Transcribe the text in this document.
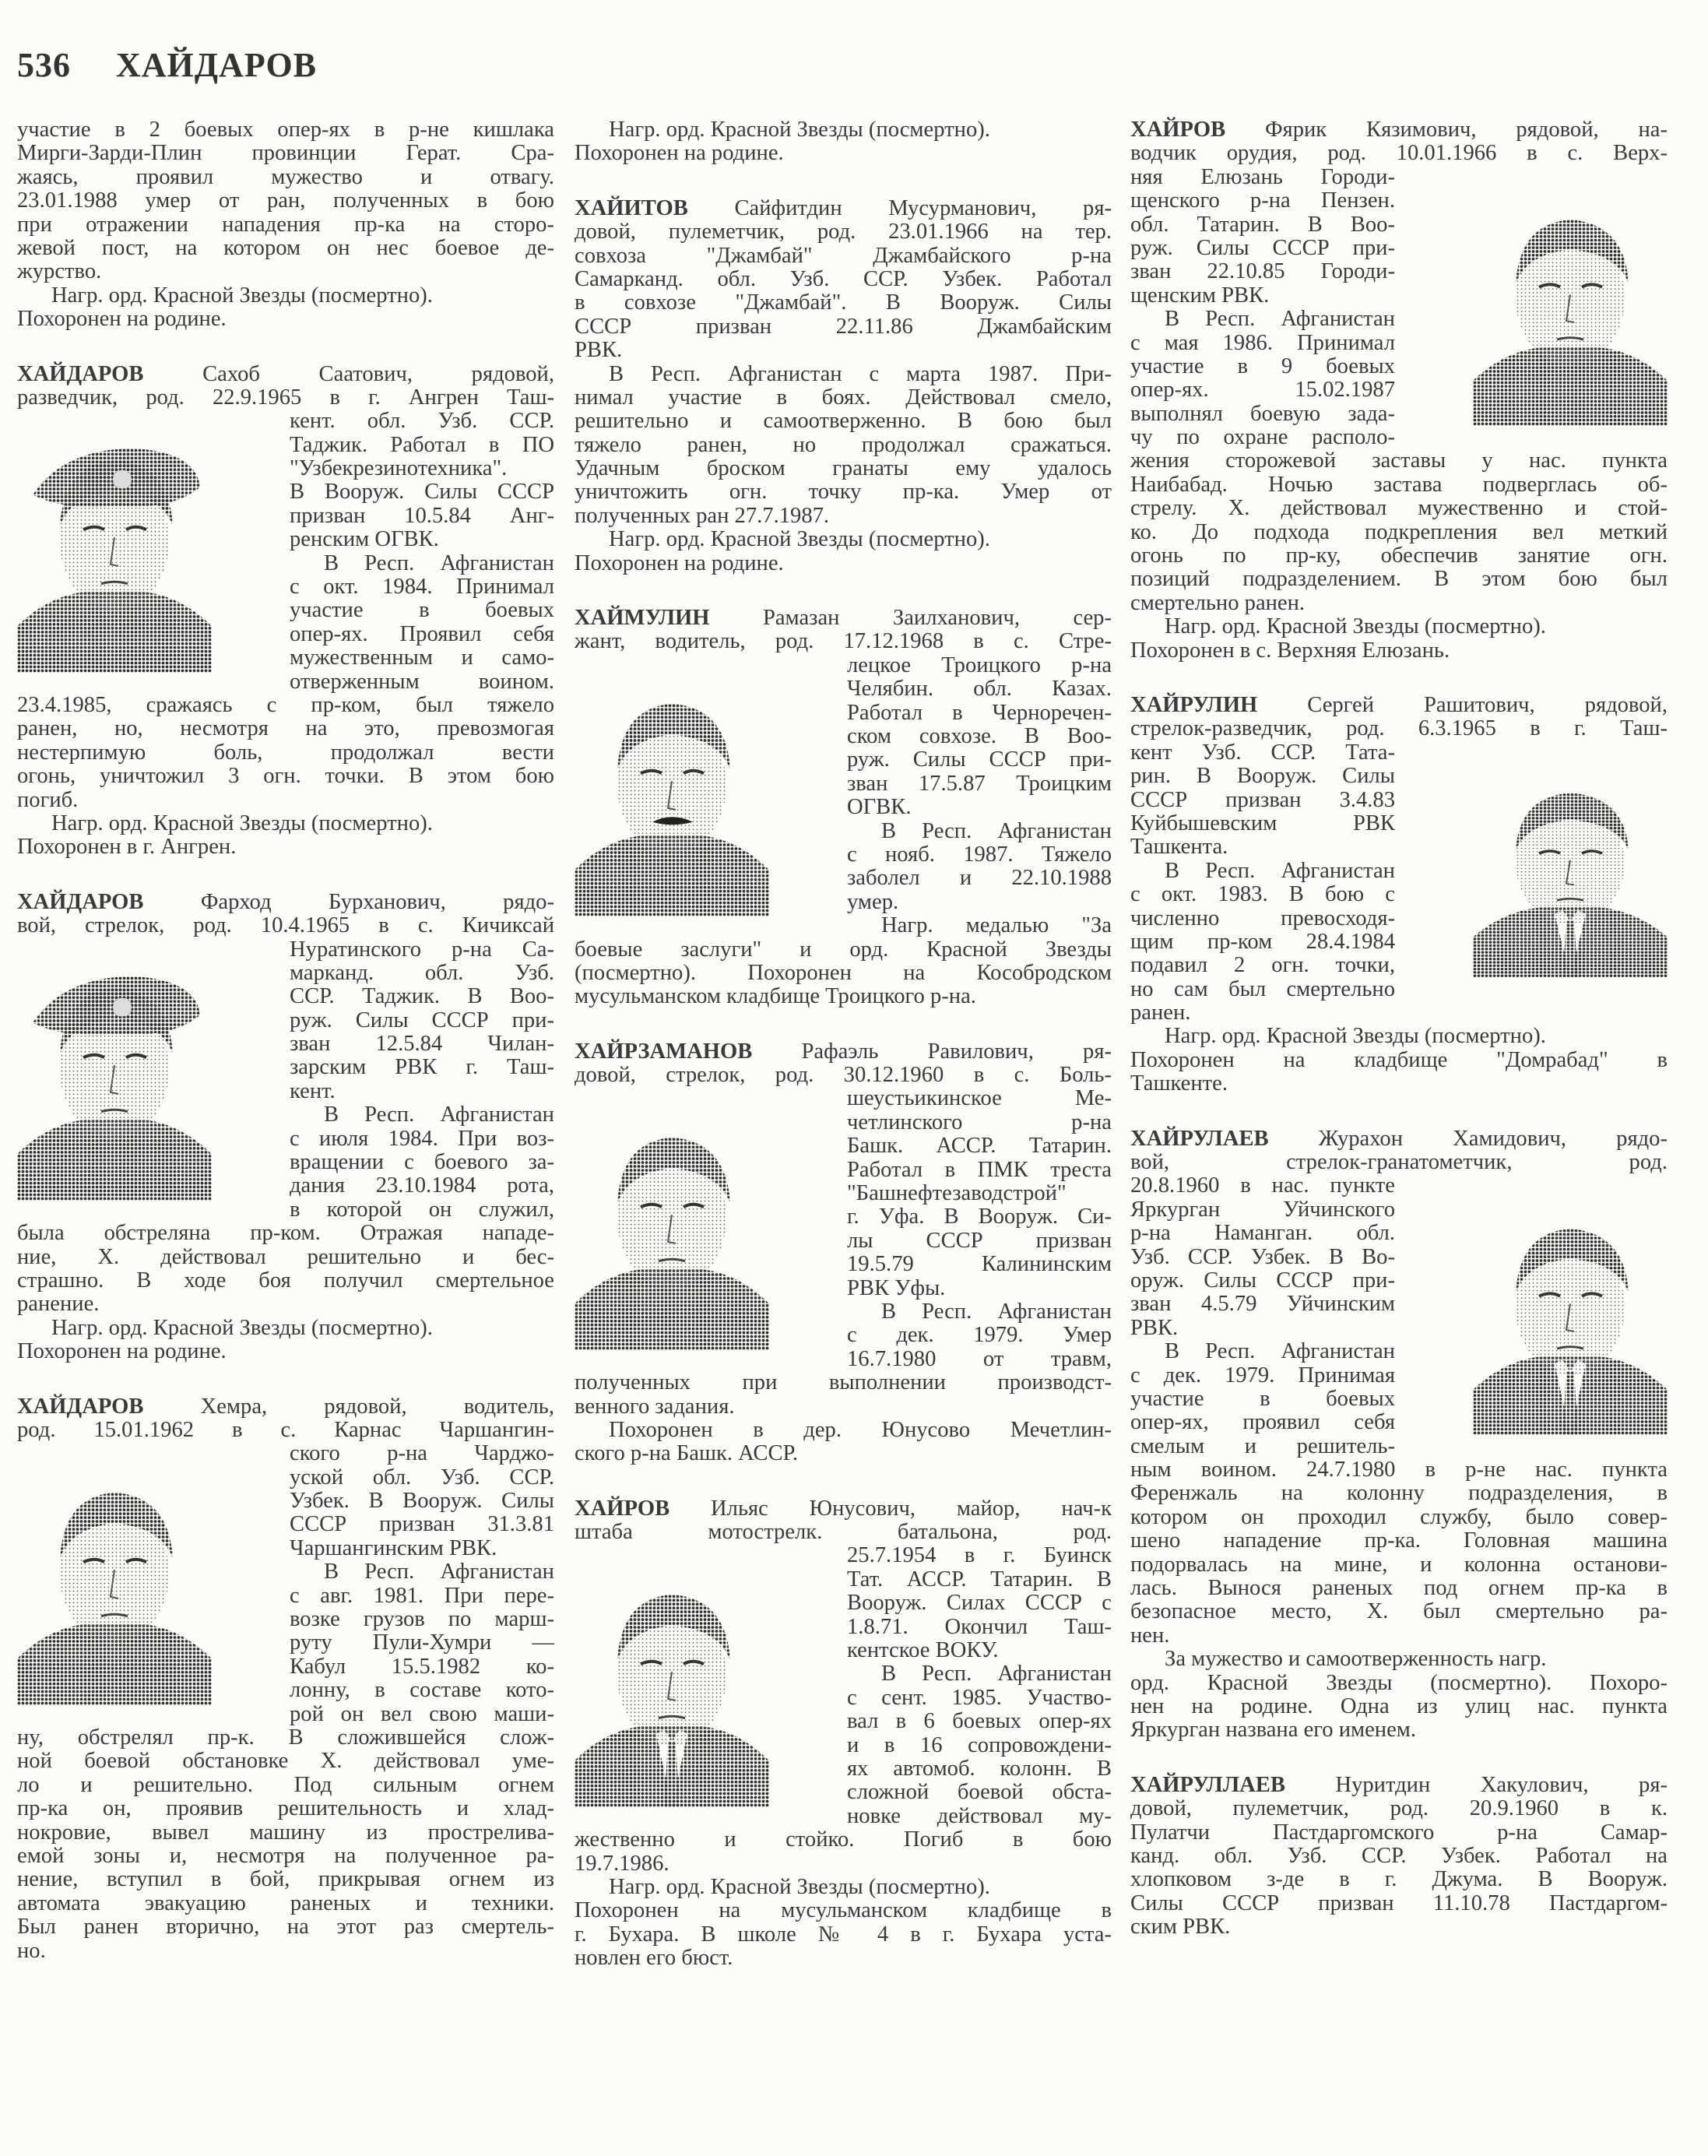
536 ХАЙДАРОВ
участие в 2 боевых опер-ях в р-не кишлака
Мирги-Зарди-Плин провинции Герат. Сра-
жаясь, проявил мужество и отвагу.
23.01.1988 умер от ран, полученных в бою
при отражении нападения пр-ка на сторо-
жевой пост, на котором он нес боевое де-
журство.
Нагр. орд. Красной Звезды (посмертно).
Похоронен на родине.
ХАЙДАРОВ Сахоб Саатович, рядовой,
разведчик, род. 22.9.1965 в г. Ангрен Таш-
кент. обл. Узб. ССР.
Таджик. Работал в ПО
"Узбекрезинотехника".
В Вооруж. Силы СССР
призван 10.5.84 Анг-
ренским ОГВК.
В Респ. Афганистан
с окт. 1984. Принимал
участие в боевых
опер-ях. Проявил себя
мужественным и само-
отверженным воином.
23.4.1985, сражаясь с пр-ком, был тяжело
ранен, но, несмотря на это, превозмогая
нестерпимую боль, продолжал вести
огонь, уничтожил 3 огн. точки. В этом бою
погиб.
Нагр. орд. Красной Звезды (посмертно).
Похоронен в г. Ангрен.
ХАЙДАРОВ Фарход Бурханович, рядо-
вой, стрелок, род. 10.4.1965 в с. Кичиксай
Нуратинского р-на Са-
марканд. обл. Узб.
ССР. Таджик. В Воо-
руж. Силы СССР при-
зван 12.5.84 Чилан-
зарским РВК г. Таш-
кент.
В Респ. Афганистан
с июля 1984. При воз-
вращении с боевого за-
дания 23.10.1984 рота,
в которой он служил,
была обстреляна пр-ком. Отражая нападе-
ние, Х. действовал решительно и бес-
страшно. В ходе боя получил смертельное
ранение.
Нагр. орд. Красной Звезды (посмертно).
Похоронен на родине.
ХАЙДАРОВ Хемра, рядовой, водитель,
род. 15.01.1962 в с. Карнас Чаршангин-
ского р-на Чарджо-
уской обл. Узб. ССР.
Узбек. В Вооруж. Силы
СССР призван 31.3.81
Чаршангинским РВК.
В Респ. Афганистан
с авг. 1981. При пере-
возке грузов по марш-
руту Пули-Хумри —
Кабул 15.5.1982 ко-
лонну, в составе кото-
рой он вел свою маши-
ну, обстрелял пр-к. В сложившейся слож-
ной боевой обстановке Х. действовал уме-
ло и решительно. Под сильным огнем
пр-ка он, проявив решительность и хлад-
нокровие, вывел машину из простреливa-
емой зоны и, несмотря на полученное ра-
нение, вступил в бой, прикрывая огнем из
автомата эвакуацию раненых и техники.
Был ранен вторично, на этот раз смертель-
но.
Нагр. орд. Красной Звезды (посмертно).
Похоронен на родине.
ХАЙИТОВ Сайфитдин Мусурманович, ря-
довой, пулеметчик, род. 23.01.1966 на тер.
совхоза "Джамбай" Джамбайского р-на
Самарканд. обл. Узб. ССР. Узбек. Работал
в совхозе "Джамбай". В Вооруж. Силы
СССР призван 22.11.86 Джамбайским
РВК.
В Респ. Афганистан с марта 1987. При-
нимал участие в боях. Действовал смело,
решительно и самоотверженно. В бою был
тяжело ранен, но продолжал сражаться.
Удачным броском гранаты ему удалось
уничтожить огн. точку пр-ка. Умер от
полученных ран 27.7.1987.
Нагр. орд. Красной Звезды (посмертно).
Похоронен на родине.
ХАЙМУЛИН Рамазан Заилханович, сер-
жант, водитель, род. 17.12.1968 в с. Стре-
лецкое Троицкого р-на
Челябин. обл. Казах.
Работал в Черноречен-
ском совхозе. В Воо-
руж. Силы СССР при-
зван 17.5.87 Троицким
ОГВК.
В Респ. Афганистан
с нояб. 1987. Тяжело
заболел и 22.10.1988
умер.
Нагр. медалью "За
боевые заслуги" и орд. Красной Звезды
(посмертно). Похоронен на Кособродском
мусульманском кладбище Троицкого р-на.
ХАЙРЗАМАНОВ Рафаэль Равилович, ря-
довой, стрелок, род. 30.12.1960 в с. Боль-
шеустьикинское Ме-
четлинского р-на
Башк. АССР. Татарин.
Работал в ПМК треста
"Башнефтезаводстрой"
г. Уфа. В Вооруж. Си-
лы СССР призван
19.5.79 Калининским
РВК Уфы.
В Респ. Афганистан
с дек. 1979. Умер
16.7.1980 от травм,
полученных при выполнении производст-
венного задания.
Похоронен в дер. Юнусово Мечетлин-
ского р-на Башк. АССР.
ХАЙРОВ Ильяс Юнусович, майор, нач-к
штаба мотострелк. батальона, род.
25.7.1954 в г. Буинск
Тат. АССР. Татарин. В
Вооруж. Силах СССР с
1.8.71. Окончил Таш-
кентское ВОКУ.
В Респ. Афганистан
с сент. 1985. Участво-
вал в 6 боевых опер-ях
и в 16 сопровождени-
ях автомоб. колонн. В
сложной боевой обста-
новке действовал му-
жественно и стойко. Погиб в бою
19.7.1986.
Нагр. орд. Красной Звезды (посмертно).
Похоронен на мусульманском кладбище в
г. Бухара. В школе № 4 в г. Бухара уста-
новлен его бюст.
ХАЙРОВ Фярик Кязимович, рядовой, на-
водчик орудия, род. 10.01.1966 в с. Верх-
няя Елюзань Городи-
щенского р-на Пензен.
обл. Татарин. В Воо-
руж. Силы СССР при-
зван 22.10.85 Городи-
щенским РВК.
В Респ. Афганистан
с мая 1986. Принимал
участие в 9 боевых
опер-ях. 15.02.1987
выполнял боевую зада-
чу по охране располо-
жения сторожевой заставы у нас. пункта
Наибабад. Ночью застава подверглась об-
стрелу. Х. действовал мужественно и стой-
ко. До подхода подкрепления вел меткий
огонь по пр-ку, обеспечив занятие огн.
позиций подразделением. В этом бою был
смертельно ранен.
Нагр. орд. Красной Звезды (посмертно).
Похоронен в с. Верхняя Елюзань.
ХАЙРУЛИН Сергей Рашитович, рядовой,
стрелок-разведчик, род. 6.3.1965 в г. Таш-
кент Узб. ССР. Тата-
рин. В Вооруж. Силы
СССР призван 3.4.83
Куйбышевским РВК
Ташкента.
В Респ. Афганистан
с окт. 1983. В бою с
численно превосходя-
щим пр-ком 28.4.1984
подавил 2 огн. точки,
но сам был смертельно
ранен.
Нагр. орд. Красной Звезды (посмертно).
Похоронен на кладбище "Домрабад" в
Ташкенте.
ХАЙРУЛАЕВ Журахон Хамидович, рядо-
вой, стрелок-гранатометчик, род.
20.8.1960 в нас. пункте
Яркурган Уйчинского
р-на Наманган. обл.
Узб. ССР. Узбек. В Во-
оруж. Силы СССР при-
зван 4.5.79 Уйчинским
РВК.
В Респ. Афганистан
с дек. 1979. Принимая
участие в боевых
опер-ях, проявил себя
смелым и решитель-
ным воином. 24.7.1980 в р-не нас. пункта
Ференжаль на колонну подразделения, в
котором он проходил службу, было совер-
шено нападение пр-ка. Головная машина
подорвалась на мине, и колонна останови-
лась. Вынося раненых под огнем пр-ка в
безопасное место, Х. был смертельно ра-
нен.
За мужество и самоотверженность нагр.
орд. Красной Звезды (посмертно). Похоро-
нен на родине. Одна из улиц нас. пункта
Яркурган названа его именем.
ХАЙРУЛЛАЕВ Нуритдин Хакулович, ря-
довой, пулеметчик, род. 20.9.1960 в к.
Пулатчи Пастдаргомского р-на Самар-
канд. обл. Узб. ССР. Узбек. Работал на
хлопковом з-де в г. Джума. В Вооруж.
Силы СССР призван 11.10.78 Пастдаргом-
ским РВК.
